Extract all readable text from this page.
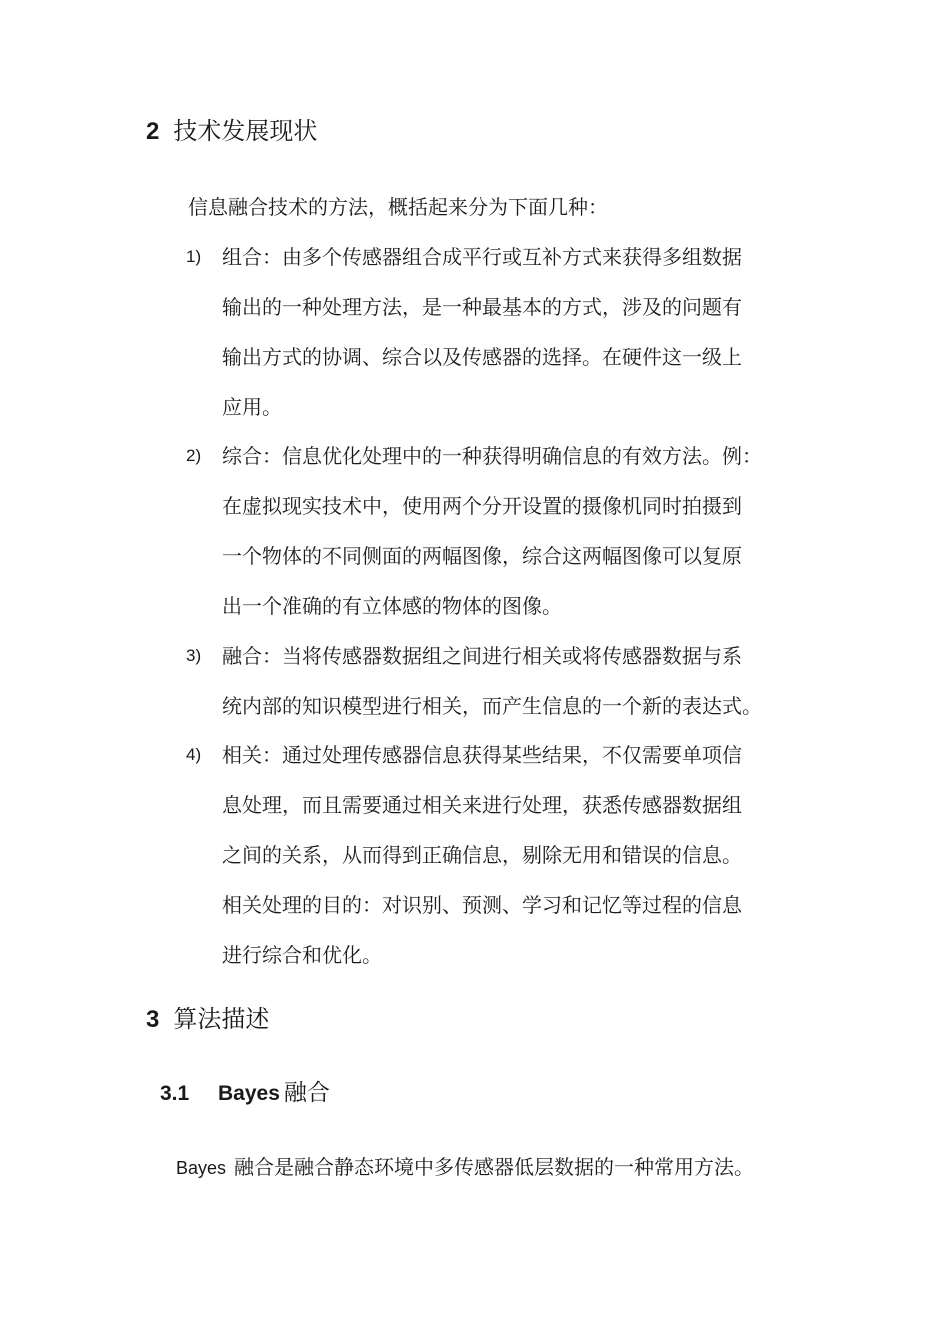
2 技术发展现状
信息融合技术的方法，概括起来分为下面几种：
1) 组合：由多个传感器组合成平行或互补方式来获得多组数据
输出的一种处理方法，是一种最基本的方式，涉及的问题有
输出方式的协调、综合以及传感器的选择。在硬件这一级上
应用。
2) 综合：信息优化处理中的一种获得明确信息的有效方法。例：
在虚拟现实技术中，使用两个分开设置的摄像机同时拍摄到
一个物体的不同侧面的两幅图像，综合这两幅图像可以复原
出一个准确的有立体感的物体的图像。
3) 融合：当将传感器数据组之间进行相关或将传感器数据与系
统内部的知识模型进行相关，而产生信息的一个新的表达式。
4) 相关：通过处理传感器信息获得某些结果，不仅需要单项信
息处理，而且需要通过相关来进行处理，获悉传感器数据组
之间的关系，从而得到正确信息，剔除无用和错误的信息。
相关处理的目的：对识别、预测、学习和记忆等过程的信息
进行综合和优化。
3 算法描述
3.1 Bayes 融合
Bayes 融合是融合静态环境中多传感器低层数据的一种常用方法。
